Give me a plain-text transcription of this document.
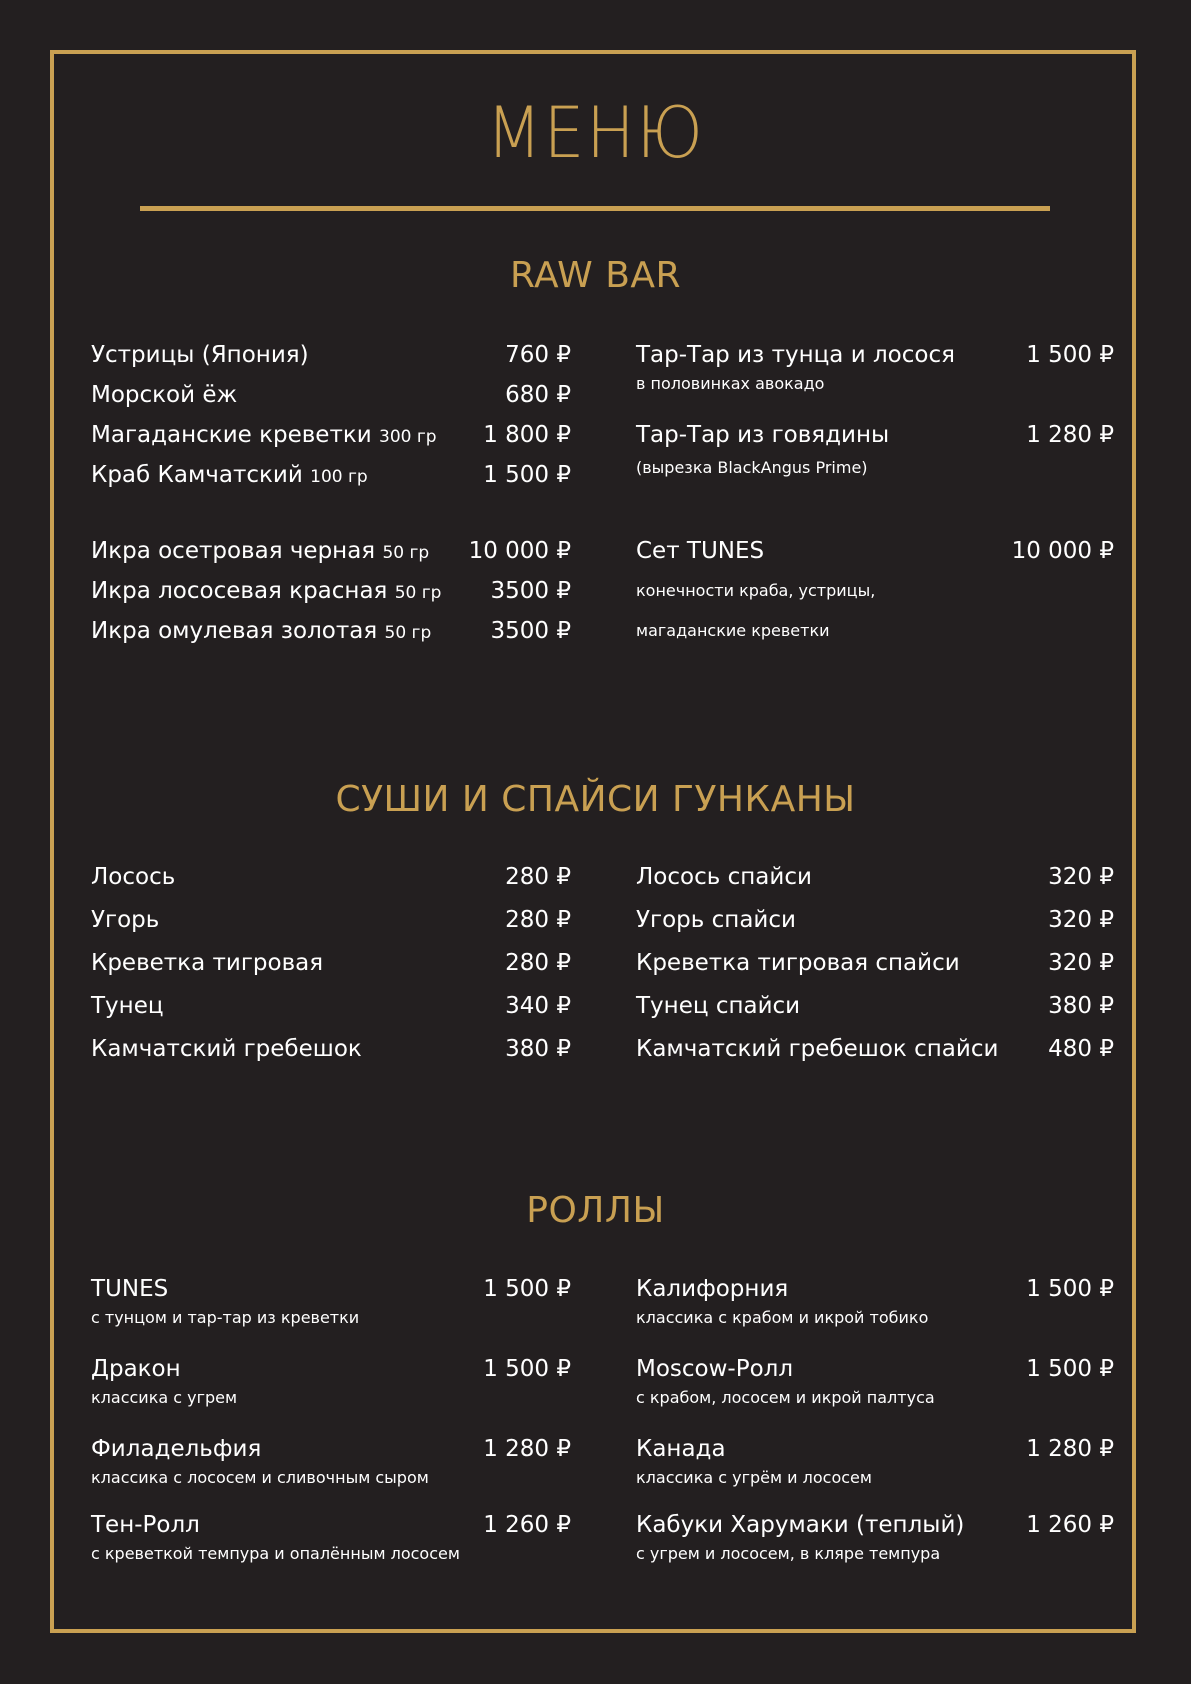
МЕНЮ
RAW BAR
Устрицы (Япония)	760 ₽
Морской ёж	680 ₽
Магаданские креветки 300 гр 1 800 ₽
Краб Камчатский 100 гр	1 500 ₽
Икра осетровая черная 50 гр 10 000 ₽
Икра лососевая красная 50 гр 3500 ₽
Икра омулевая золотая 50 гр	3500 ₽
Тар-Тар из тунца и лосося	1 500 ₽
в половинках авокадо
Тар-Тар из говядины	1 280 ₽
(вырезка BlackAngus Prime)
Сет TUNES	10 000 ₽
конечности краба, устрицы,
магаданские креветки
СУШИ И СПАЙСИ ГУНКАНЫ
Лосось	280 ₽
Угорь	280 ₽
Креветка тигровая	280 ₽
Тунец	340 ₽
Камчатский гребешок	380 ₽
Лосось спайси	320 ₽
Угорь спайси	320 ₽
Креветка тигровая спайси	320 ₽
Тунец спайси	380 ₽
Камчатский гребешок спайси 480 ₽
РОЛЛЫ
TUNES	1 500 ₽
с тунцом и тар-тар из креветки
Дракон	1 500 ₽
классика с угрем
Филадельфия	1 280 ₽
классика с лососем и сливочным сыром
Тен-Ролл	1 260 ₽
с креветкой темпура и опалённым лососем
Калифорния	1 500 ₽
классика с крабом и икрой тобико
Moscow-Ролл	1 500 ₽
с крабом, лососем и икрой палтуса
Канада	1 280 ₽
классика с угрём и лососем
Кабуки Харумаки (теплый)	1 260 ₽
с угрем и лососем, в кляре темпура
